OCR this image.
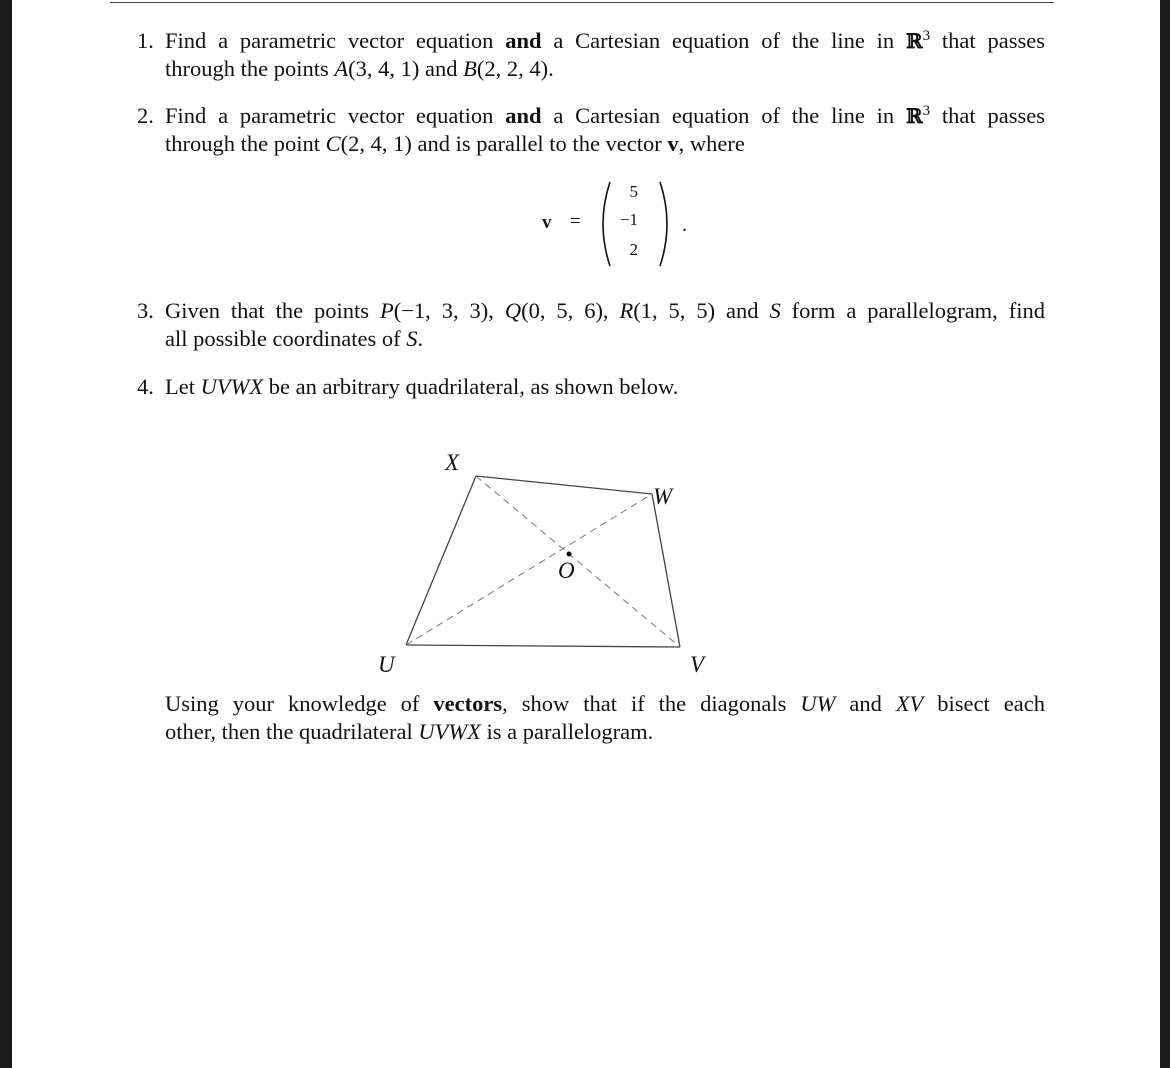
1. Find a parametric vector equation and a Cartesian equation of the line in ℝ$^3$ that passes
through the points A(3, 4, 1) and B(2, 2, 4).
2. Find a parametric vector equation and a Cartesian equation of the line in ℝ$^3$ that passes
through the point C(2, 4, 1) and is parallel to the vector v, where
v =
5
−1
2
.
3. Given that the points P(−1, 3, 3), Q(0, 5, 6), R(1, 5, 5) and S form a parallelogram, find
all possible coordinates of S.
4. Let UVWX be an arbitrary quadrilateral, as shown below.
X
W
O
U	V
Using your knowledge of vectors, show that if the diagonals UW and XV bisect each
other, then the quadrilateral UVWX is a parallelogram.
